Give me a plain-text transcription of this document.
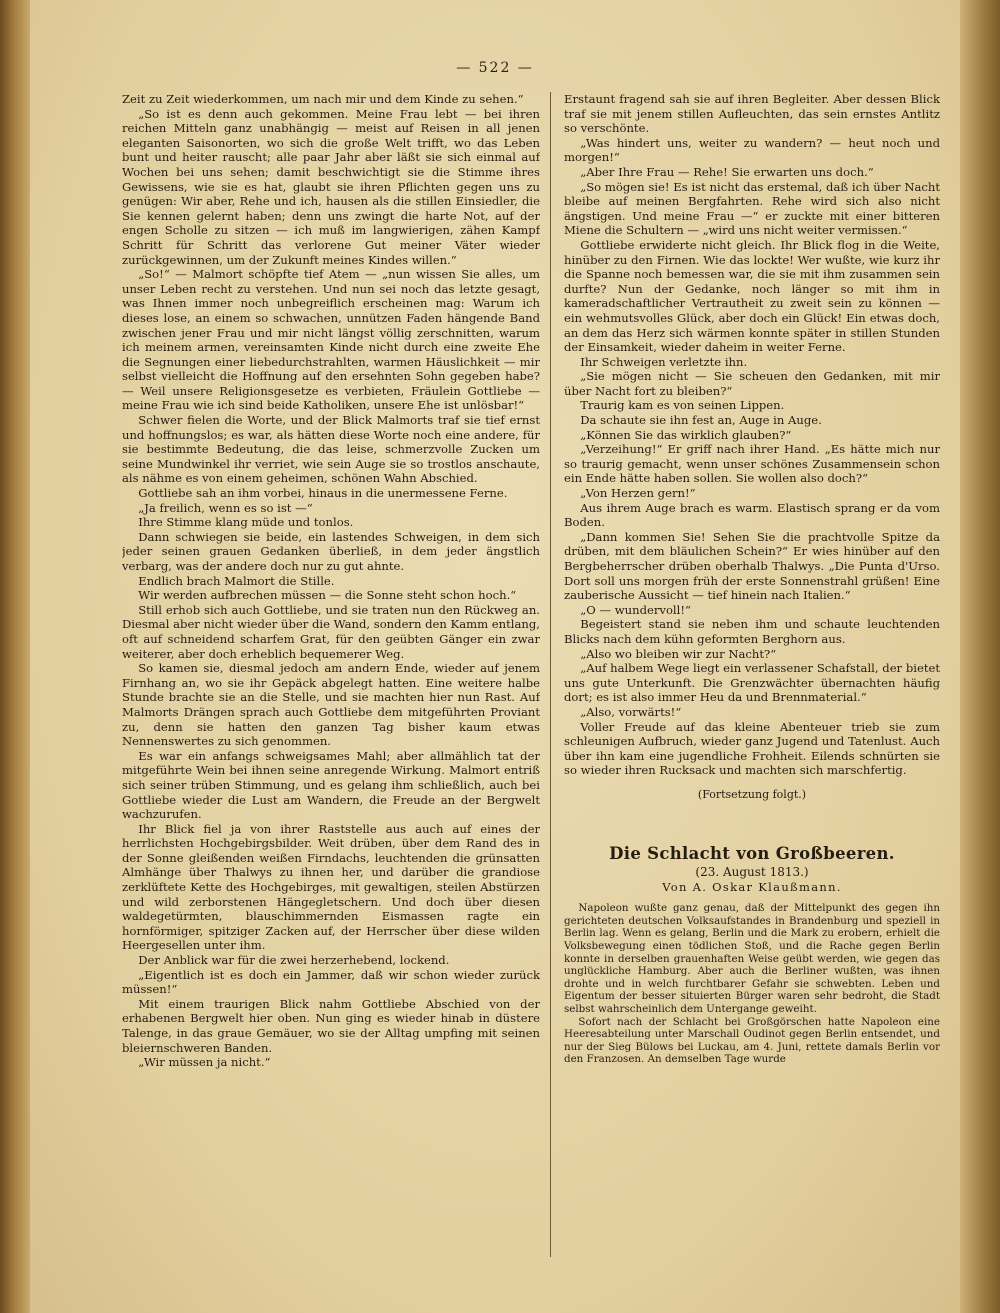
— 522 —

Zeit zu Zeit wiederkommen, um nach mir und dem Kinde zu sehen.“

„So ist es denn auch gekommen. Meine Frau lebt — bei ihren reichen Mitteln ganz unabhängig — meist auf Reisen in all jenen eleganten Saisonorten, wo sich die große Welt trifft, wo das Leben bunt und heiter rauscht; alle paar Jahr aber läßt sie sich einmal auf Wochen bei uns sehen; damit beschwichtigt sie die Stimme ihres Gewissens, wie sie es hat, glaubt sie ihren Pflichten gegen uns zu genügen: Wir aber, Rehe und ich, hausen als die stillen Einsiedler, die Sie kennen gelernt haben; denn uns zwingt die harte Not, auf der engen Scholle zu sitzen — ich muß im langwierigen, zähen Kampf Schritt für Schritt das verlorene Gut meiner Väter wieder zurückgewinnen, um der Zukunft meines Kindes willen.“

„So!“ — Malmort schöpfte tief Atem — „nun wissen Sie alles, um unser Leben recht zu verstehen. Und nun sei noch das letzte gesagt, was Ihnen immer noch unbegreiflich erscheinen mag: Warum ich dieses lose, an einem so schwachen, unnützen Faden hängende Band zwischen jener Frau und mir nicht längst völlig zerschnitten, warum ich meinem armen, vereinsamten Kinde nicht durch eine zweite Ehe die Segnungen einer liebedurchstrahlten, warmen Häuslichkeit — mir selbst vielleicht die Hoffnung auf den ersehnten Sohn gegeben habe? — Weil unsere Religionsgesetze es verbieten, Fräulein Gottliebe — meine Frau wie ich sind beide Katholiken, unsere Ehe ist unlösbar!“

Schwer fielen die Worte, und der Blick Malmorts traf sie tief ernst und hoffnungslos; es war, als hätten diese Worte noch eine andere, für sie bestimmte Bedeutung, die das leise, schmerzvolle Zucken um seine Mundwinkel ihr verriet, wie sein Auge sie so trostlos anschaute, als nähme es von einem geheimen, schönen Wahn Abschied.

Gottliebe sah an ihm vorbei, hinaus in die unermessene Ferne.

„Ja freilich, wenn es so ist —“

Ihre Stimme klang müde und tonlos.

Dann schwiegen sie beide, ein lastendes Schweigen, in dem sich jeder seinen grauen Gedanken überließ, in dem jeder ängstlich verbarg, was der andere doch nur zu gut ahnte.

Endlich brach Malmort die Stille.

Wir werden aufbrechen müssen — die Sonne steht schon hoch.“

Still erhob sich auch Gottliebe, und sie traten nun den Rückweg an. Diesmal aber nicht wieder über die Wand, sondern den Kamm entlang, oft auf schneidend scharfem Grat, für den geübten Gänger ein zwar weiterer, aber doch erheblich bequemerer Weg.

So kamen sie, diesmal jedoch am andern Ende, wieder auf jenem Firnhang an, wo sie ihr Gepäck abgelegt hatten. Eine weitere halbe Stunde brachte sie an die Stelle, und sie machten hier nun Rast. Auf Malmorts Drängen sprach auch Gottliebe dem mitgeführten Proviant zu, denn sie hatten den ganzen Tag bisher kaum etwas Nennenswertes zu sich genommen.

Es war ein anfangs schweigsames Mahl; aber allmählich tat der mitgeführte Wein bei ihnen seine anregende Wirkung. Malmort entriß sich seiner trüben Stimmung, und es gelang ihm schließlich, auch bei Gottliebe wieder die Lust am Wandern, die Freude an der Bergwelt wachzurufen.

Ihr Blick fiel ja von ihrer Raststelle aus auch auf eines der herrlichsten Hochgebirgsbilder. Weit drüben, über dem Rand des in der Sonne gleißenden weißen Firndachs, leuchtenden die grünsatten Almhänge über Thalwys zu ihnen her, und darüber die grandiose zerklüftete Kette des Hochgebirges, mit gewaltigen, steilen Abstürzen und wild zerborstenen Hängegletschern. Und doch über diesen waldegetürmten, blauschimmernden Eismassen ragte ein hornförmiger, spitziger Zacken auf, der Herrscher über diese wilden Heergesellen unter ihm.

Der Anblick war für die zwei herzerhebend, lockend.

„Eigentlich ist es doch ein Jammer, daß wir schon wieder zurück müssen!“

Mit einem traurigen Blick nahm Gottliebe Abschied von der erhabenen Bergwelt hier oben. Nun ging es wieder hinab in düstere Talenge, in das graue Gemäuer, wo sie der Alltag umpfing mit seinen bleiernschweren Banden.

„Wir müssen ja nicht.“

Erstaunt fragend sah sie auf ihren Begleiter. Aber dessen Blick traf sie mit jenem stillen Aufleuchten, das sein ernstes Antlitz so verschönte.

„Was hindert uns, weiter zu wandern? — heut noch und morgen!“

„Aber Ihre Frau — Rehe! Sie erwarten uns doch.“

„So mögen sie! Es ist nicht das erstemal, daß ich über Nacht bleibe auf meinen Bergfahrten. Rehe wird sich also nicht ängstigen. Und meine Frau —“ er zuckte mit einer bitteren Miene die Schultern — „wird uns nicht weiter vermissen.“

Gottliebe erwiderte nicht gleich. Ihr Blick flog in die Weite, hinüber zu den Firnen. Wie das lockte! Wer wußte, wie kurz ihr die Spanne noch bemessen war, die sie mit ihm zusammen sein durfte? Nun der Gedanke, noch länger so mit ihm in kameradschaftlicher Vertrautheit zu zweit sein zu können — ein wehmutsvolles Glück, aber doch ein Glück! Ein etwas doch, an dem das Herz sich wärmen konnte später in stillen Stunden der Einsamkeit, wieder daheim in weiter Ferne.

Ihr Schweigen verletzte ihn.

„Sie mögen nicht — Sie scheuen den Gedanken, mit mir über Nacht fort zu bleiben?“

Traurig kam es von seinen Lippen.

Da schaute sie ihn fest an, Auge in Auge.

„Können Sie das wirklich glauben?“

„Verzeihung!“ Er griff nach ihrer Hand. „Es hätte mich nur so traurig gemacht, wenn unser schönes Zusammensein schon ein Ende hätte haben sollen. Sie wollen also doch?“

„Von Herzen gern!“

Aus ihrem Auge brach es warm. Elastisch sprang er da vom Boden.

„Dann kommen Sie! Sehen Sie die prachtvolle Spitze da drüben, mit dem bläulichen Schein?“ Er wies hinüber auf den Bergbeherrscher drüben oberhalb Thalwys. „Die Punta d'Urso. Dort soll uns morgen früh der erste Sonnenstrahl grüßen! Eine zauberische Aussicht — tief hinein nach Italien.“

„O — wundervoll!“

Begeistert stand sie neben ihm und schaute leuchtenden Blicks nach dem kühn geformten Berghorn aus.

„Also wo bleiben wir zur Nacht?“

„Auf halbem Wege liegt ein verlassener Schafstall, der bietet uns gute Unterkunft. Die Grenzwächter übernachten häufig dort; es ist also immer Heu da und Brennmaterial.“

„Also, vorwärts!“

Voller Freude auf das kleine Abenteuer trieb sie zum schleunigen Aufbruch, wieder ganz Jugend und Tatenlust. Auch über ihn kam eine jugendliche Frohheit. Eilends schnürten sie so wieder ihren Rucksack und machten sich marschfertig.

(Fortsetzung folgt.)
Die Schlacht von Großbeeren.
(23. August 1813.)
Von A. Oskar Klaußmann.

Napoleon wußte ganz genau, daß der Mittelpunkt des gegen ihn gerichteten deutschen Volksaufstandes in Brandenburg und speziell in Berlin lag. Wenn es gelang, Berlin und die Mark zu erobern, erhielt die Volksbewegung einen tödlichen Stoß, und die Rache gegen Berlin konnte in derselben grauenhaften Weise geübt werden, wie gegen das unglückliche Hamburg. Aber auch die Berliner wußten, was ihnen drohte und in welch furchtbarer Gefahr sie schwebten. Leben und Eigentum der besser situierten Bürger waren sehr bedroht, die Stadt selbst wahrscheinlich dem Untergange geweiht.

Sofort nach der Schlacht bei Großgörschen hatte Napoleon eine Heeresabteilung unter Marschall Oudinot gegen Berlin entsendet, und nur der Sieg Bülows bei Luckau, am 4. Juni, rettete damals Berlin vor den Franzosen. An demselben Tage wurde
